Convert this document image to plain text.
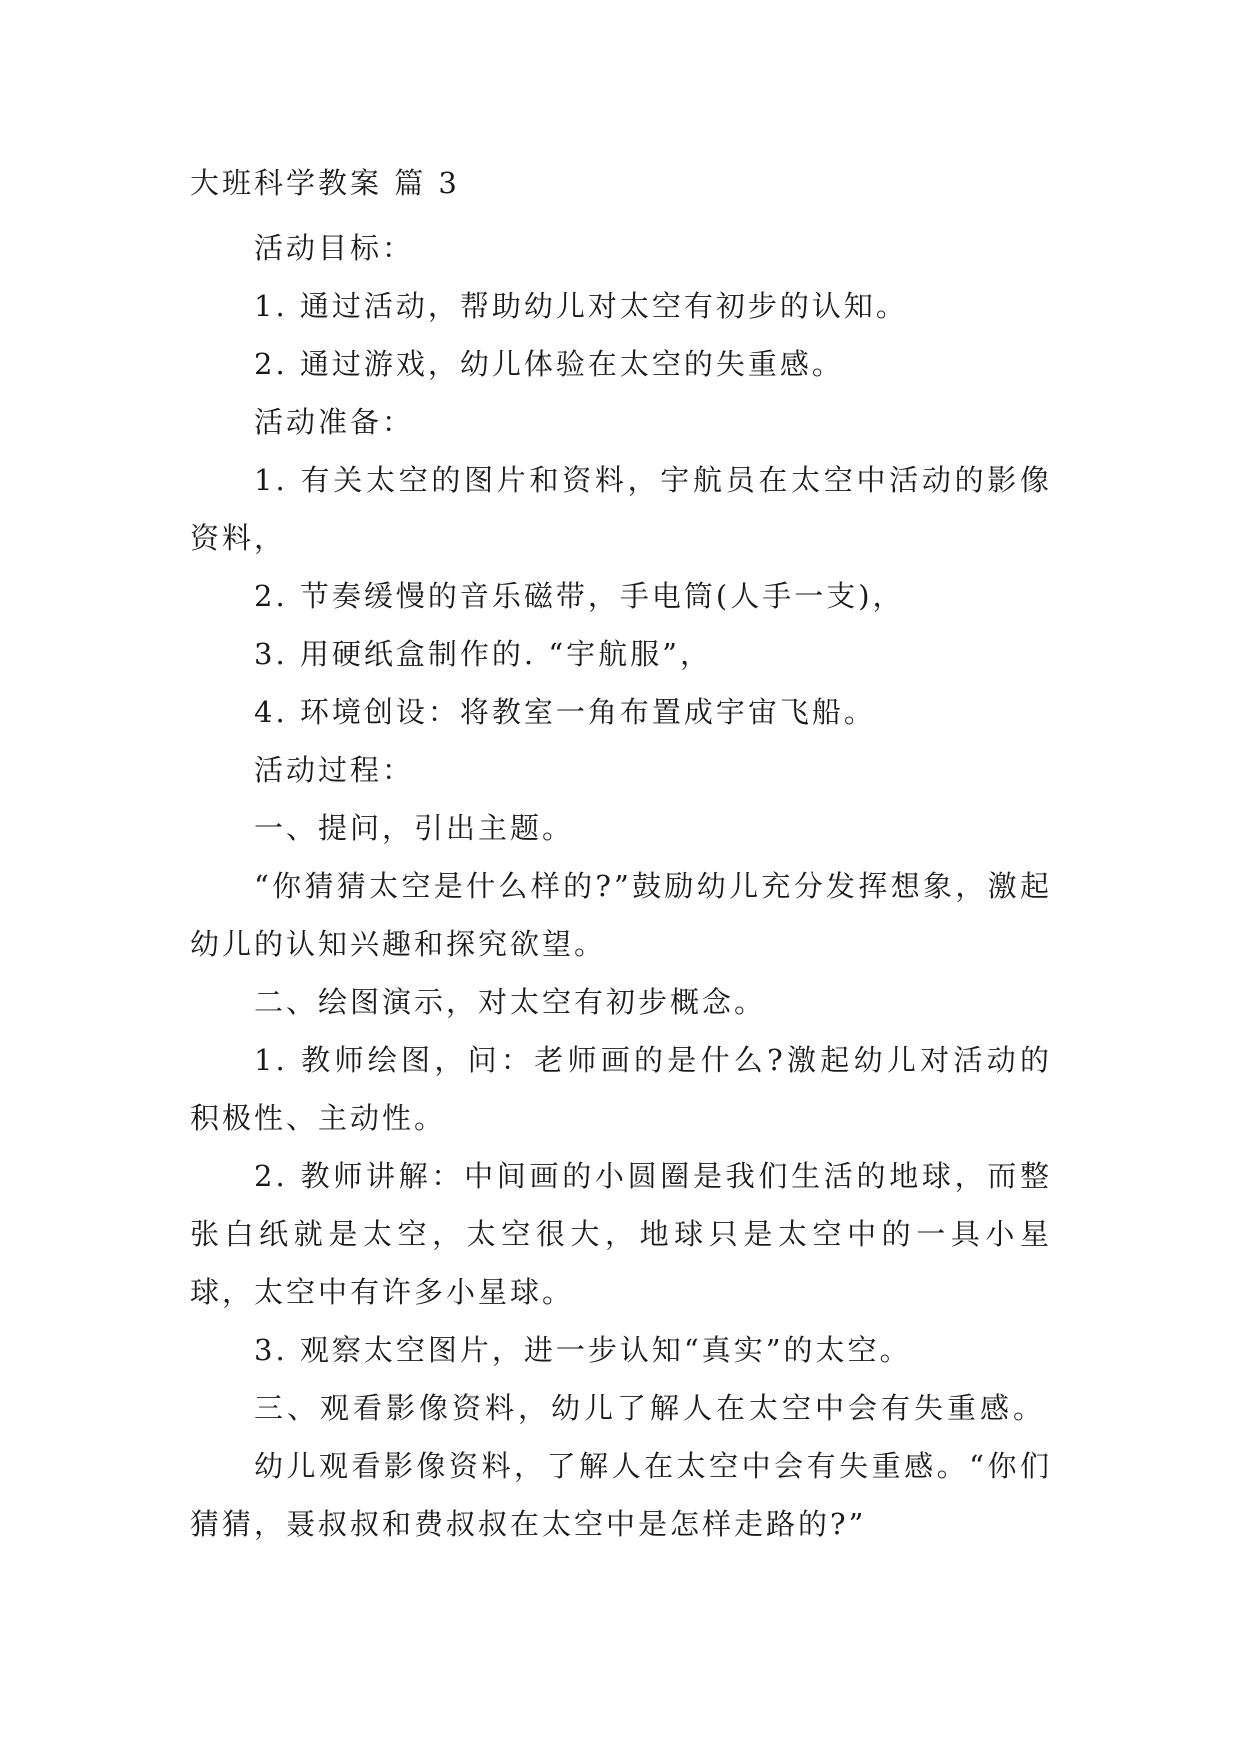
大班科学教案 篇 3

活动目标：

1. 通过活动，帮助幼儿对太空有初步的认知。

2. 通过游戏，幼儿体验在太空的失重感。

活动准备：

1. 有关太空的图片和资料，宇航员在太空中活动的影像资料，

2. 节奏缓慢的音乐磁带，手电筒(人手一支)，

3. 用硬纸盒制作的. “宇航服”，

4. 环境创设：将教室一角布置成宇宙飞船。

活动过程：

一、提问，引出主题。

“你猜猜太空是什么样的?”鼓励幼儿充分发挥想象，激起幼儿的认知兴趣和探究欲望。

二、绘图演示，对太空有初步概念。

1. 教师绘图，问：老师画的是什么?激起幼儿对活动的积极性、主动性。

2. 教师讲解：中间画的小圆圈是我们生活的地球，而整张白纸就是太空，太空很大，地球只是太空中的一具小星球，太空中有许多小星球。

3. 观察太空图片，进一步认知“真实”的太空。

三、观看影像资料，幼儿了解人在太空中会有失重感。

幼儿观看影像资料，了解人在太空中会有失重感。“你们猜猜，聂叔叔和费叔叔在太空中是怎样走路的?”
